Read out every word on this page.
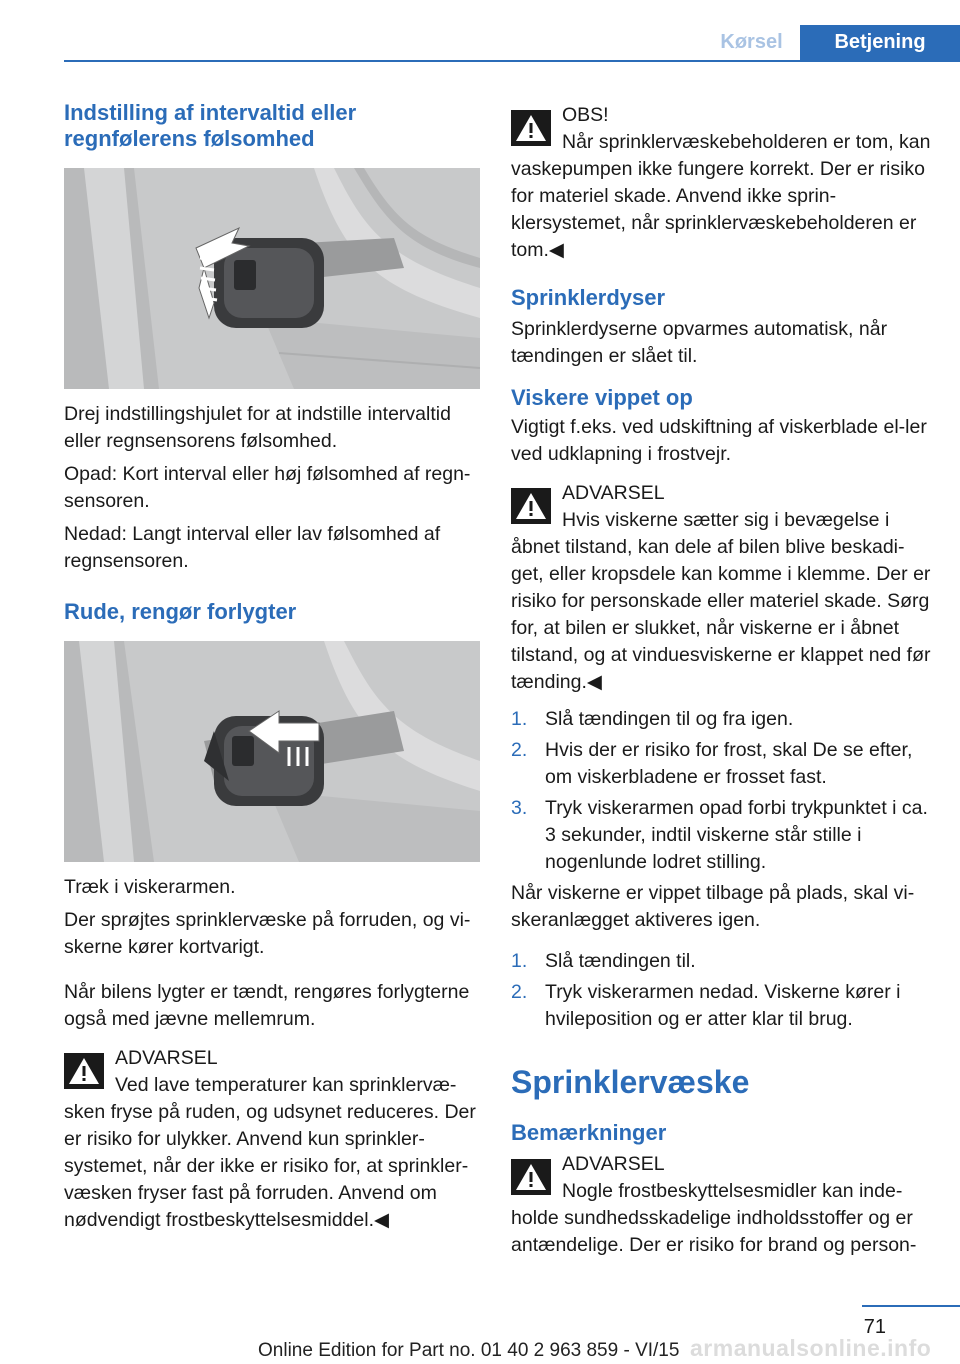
Kørsel	Betjening
Indstilling af intervaltid eller regnfølerens følsomhed

Drej indstillingshjulet for at indstille intervaltid eller regnsensorens følsomhed.

Opad: Kort interval eller høj følsomhed af regn-sensoren.

Nedad: Langt interval eller lav følsomhed af regnsensoren.

Rude, rengør forlygter

Træk i viskerarmen.

Der sprøjtes sprinklervæske på forruden, og vi-skerne kører kortvarigt.

Når bilens lygter er tændt, rengøres forlygterne også med jævne mellemrum.

ADVARSEL
Ved lave temperaturer kan sprinklervæ-sken fryse på ruden, og udsynet reduceres. Der er risiko for ulykker. Anvend kun sprinkler-systemet, når der ikke er risiko for, at sprinkler-væsken fryser fast på forruden. Anvend om nødvendigt frostbeskyttelsesmiddel.◀
OBS!
Når sprinklervæskebeholderen er tom, kan vaskepumpen ikke fungere korrekt. Der er risiko for materiel skade. Anvend ikke sprin-klersystemet, når sprinklervæskebeholderen er tom.◀
Sprinklerdyser

Sprinklerdyserne opvarmes automatisk, når tændingen er slået til.

Viskere vippet op

Vigtigt f.eks. ved udskiftning af viskerblade el-ler ved udklapning i frostvejr.

ADVARSEL
Hvis viskerne sætter sig i bevægelse i åbnet tilstand, kan dele af bilen blive beskadi-get, eller kropsdele kan komme i klemme. Der er risiko for personskade eller materiel skade. Sørg for, at bilen er slukket, når viskerne er i åbnet tilstand, og at vinduesviskerne er klappet ned før tænding.◀
1. Slå tændingen til og fra igen.
2. Hvis der er risiko for frost, skal De se efter, om viskerbladene er frosset fast.
3. Tryk viskerarmen opad forbi trykpunktet i ca. 3 sekunder, indtil viskerne står stille i nogenlunde lodret stilling.

Når viskerne er vippet tilbage på plads, skal vi-skeranlægget aktiveres igen.

1. Slå tændingen til.
2. Tryk viskerarmen nedad. Viskerne kører i hvileposition og er atter klar til brug.
Sprinklervæske
Bemærkninger
ADVARSEL
Nogle frostbeskyttelsesmidler kan inde-holde sundhedsskadelige indholdsstoffer og er antændelige. Der er risiko for brand og person-
71
armanualsonline.info
Online Edition for Part no. 01 40 2 963 859 - VI/15
